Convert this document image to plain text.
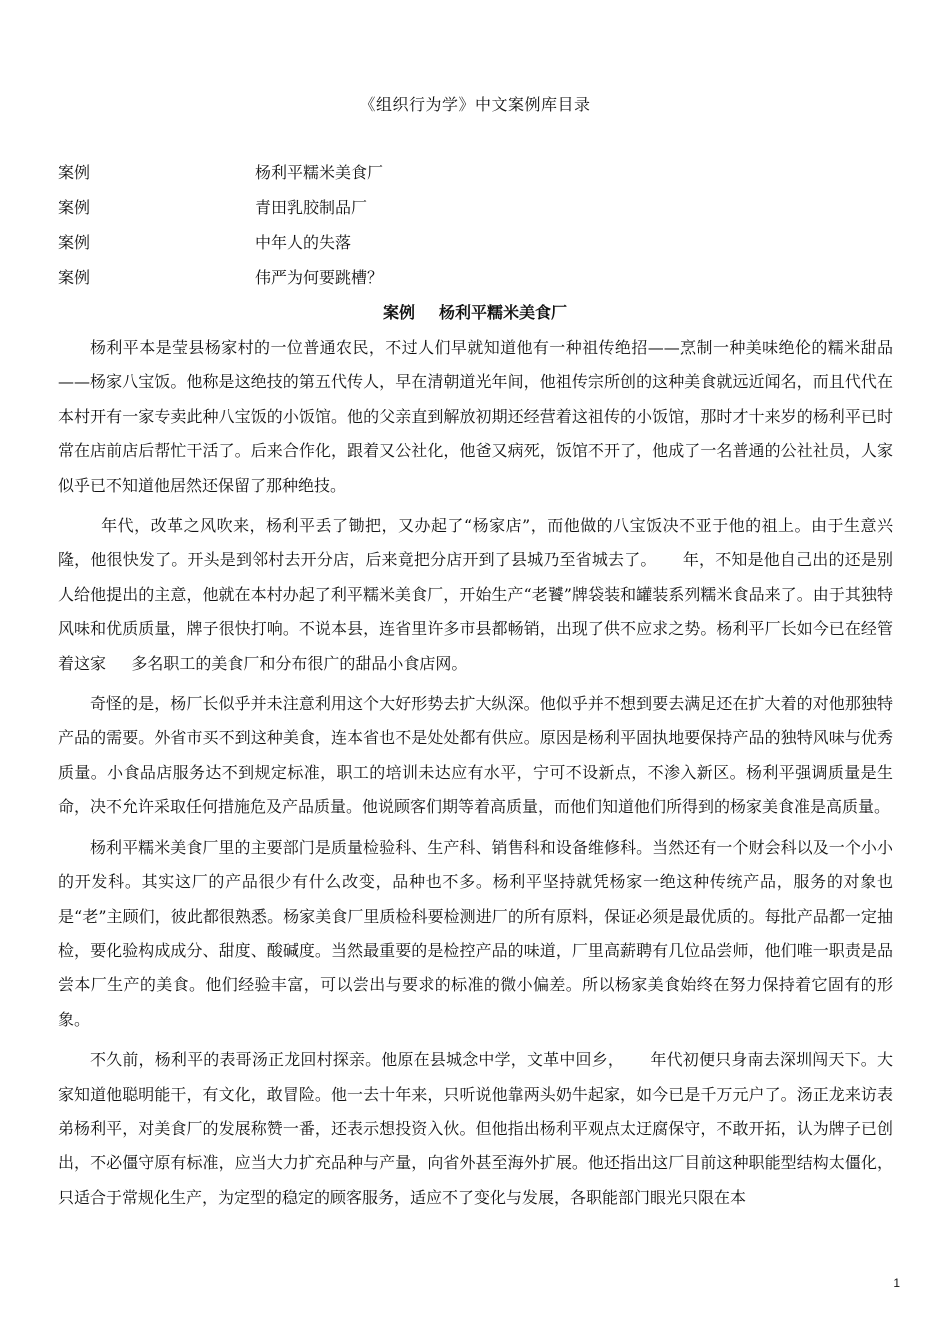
《组织行为学》中文案例库目录
案例	杨利平糯米美食厂
案例	青田乳胶制品厂
案例	中年人的失落
案例	伟严为何要跳槽？
案例 杨利平糯米美食厂

杨利平本是莹县杨家村的一位普通农民，不过人们早就知道他有一种祖传绝招——烹制一种美味绝伦的糯米甜品——杨家八宝饭。他称是这绝技的第五代传人，早在清朝道光年间，他祖传宗所创的这种美食就远近闻名，而且代代在本村开有一家专卖此种八宝饭的小饭馆。他的父亲直到解放初期还经营着这祖传的小饭馆，那时才十来岁的杨利平已时常在店前店后帮忙干活了。后来合作化，跟着又公社化，他爸又病死，饭馆不开了，他成了一名普通的公社社员，人家似乎已不知道他居然还保留了那种绝技。

年代，改革之风吹来，杨利平丢了锄把，又办起了“杨家店”，而他做的八宝饭决不亚于他的祖上。由于生意兴隆，他很快发了。开头是到邻村去开分店，后来竟把分店开到了县城乃至省城去了。     年，不知是他自己出的还是别人给他提出的主意，他就在本村办起了利平糯米美食厂，开始生产“老饕”牌袋装和罐装系列糯米食品来了。由于其独特风味和优质质量，牌子很快打响。不说本县，连省里许多市县都畅销，出现了供不应求之势。杨利平厂长如今已在经管着这家     多名职工的美食厂和分布很广的甜品小食店网。

奇怪的是，杨厂长似乎并未注意利用这个大好形势去扩大纵深。他似乎并不想到要去满足还在扩大着的对他那独特产品的需要。外省市买不到这种美食，连本省也不是处处都有供应。原因是杨利平固执地要保持产品的独特风味与优秀质量。小食品店服务达不到规定标准，职工的培训未达应有水平，宁可不设新点，不渗入新区。杨利平强调质量是生命，决不允许采取任何措施危及产品质量。他说顾客们期等着高质量，而他们知道他们所得到的杨家美食准是高质量。

杨利平糯米美食厂里的主要部门是质量检验科、生产科、销售科和设备维修科。当然还有一个财会科以及一个小小的开发科。其实这厂的产品很少有什么改变，品种也不多。杨利平坚持就凭杨家一绝这种传统产品，服务的对象也是“老”主顾们，彼此都很熟悉。杨家美食厂里质检科要检测进厂的所有原料，保证必须是最优质的。每批产品都一定抽检，要化验构成成分、甜度、酸碱度。当然最重要的是检控产品的味道，厂里高薪聘有几位品尝师，他们唯一职责是品尝本厂生产的美食。他们经验丰富，可以尝出与要求的标准的微小偏差。所以杨家美食始终在努力保持着它固有的形象。

不久前，杨利平的表哥汤正龙回村探亲。他原在县城念中学，文革中回乡，     年代初便只身南去深圳闯天下。大家知道他聪明能干，有文化，敢冒险。他一去十年来，只听说他靠两头奶牛起家，如今已是千万元户了。汤正龙来访表弟杨利平，对美食厂的发展称赞一番，还表示想投资入伙。但他指出杨利平观点太迂腐保守，不敢开拓，认为牌子已创出，不必僵守原有标准，应当大力扩充品种与产量，向省外甚至海外扩展。他还指出这厂目前这种职能型结构太僵化，只适合于常规化生产，为定型的稳定的顾客服务，适应不了变化与发展，各职能部门眼光只限在本

1
